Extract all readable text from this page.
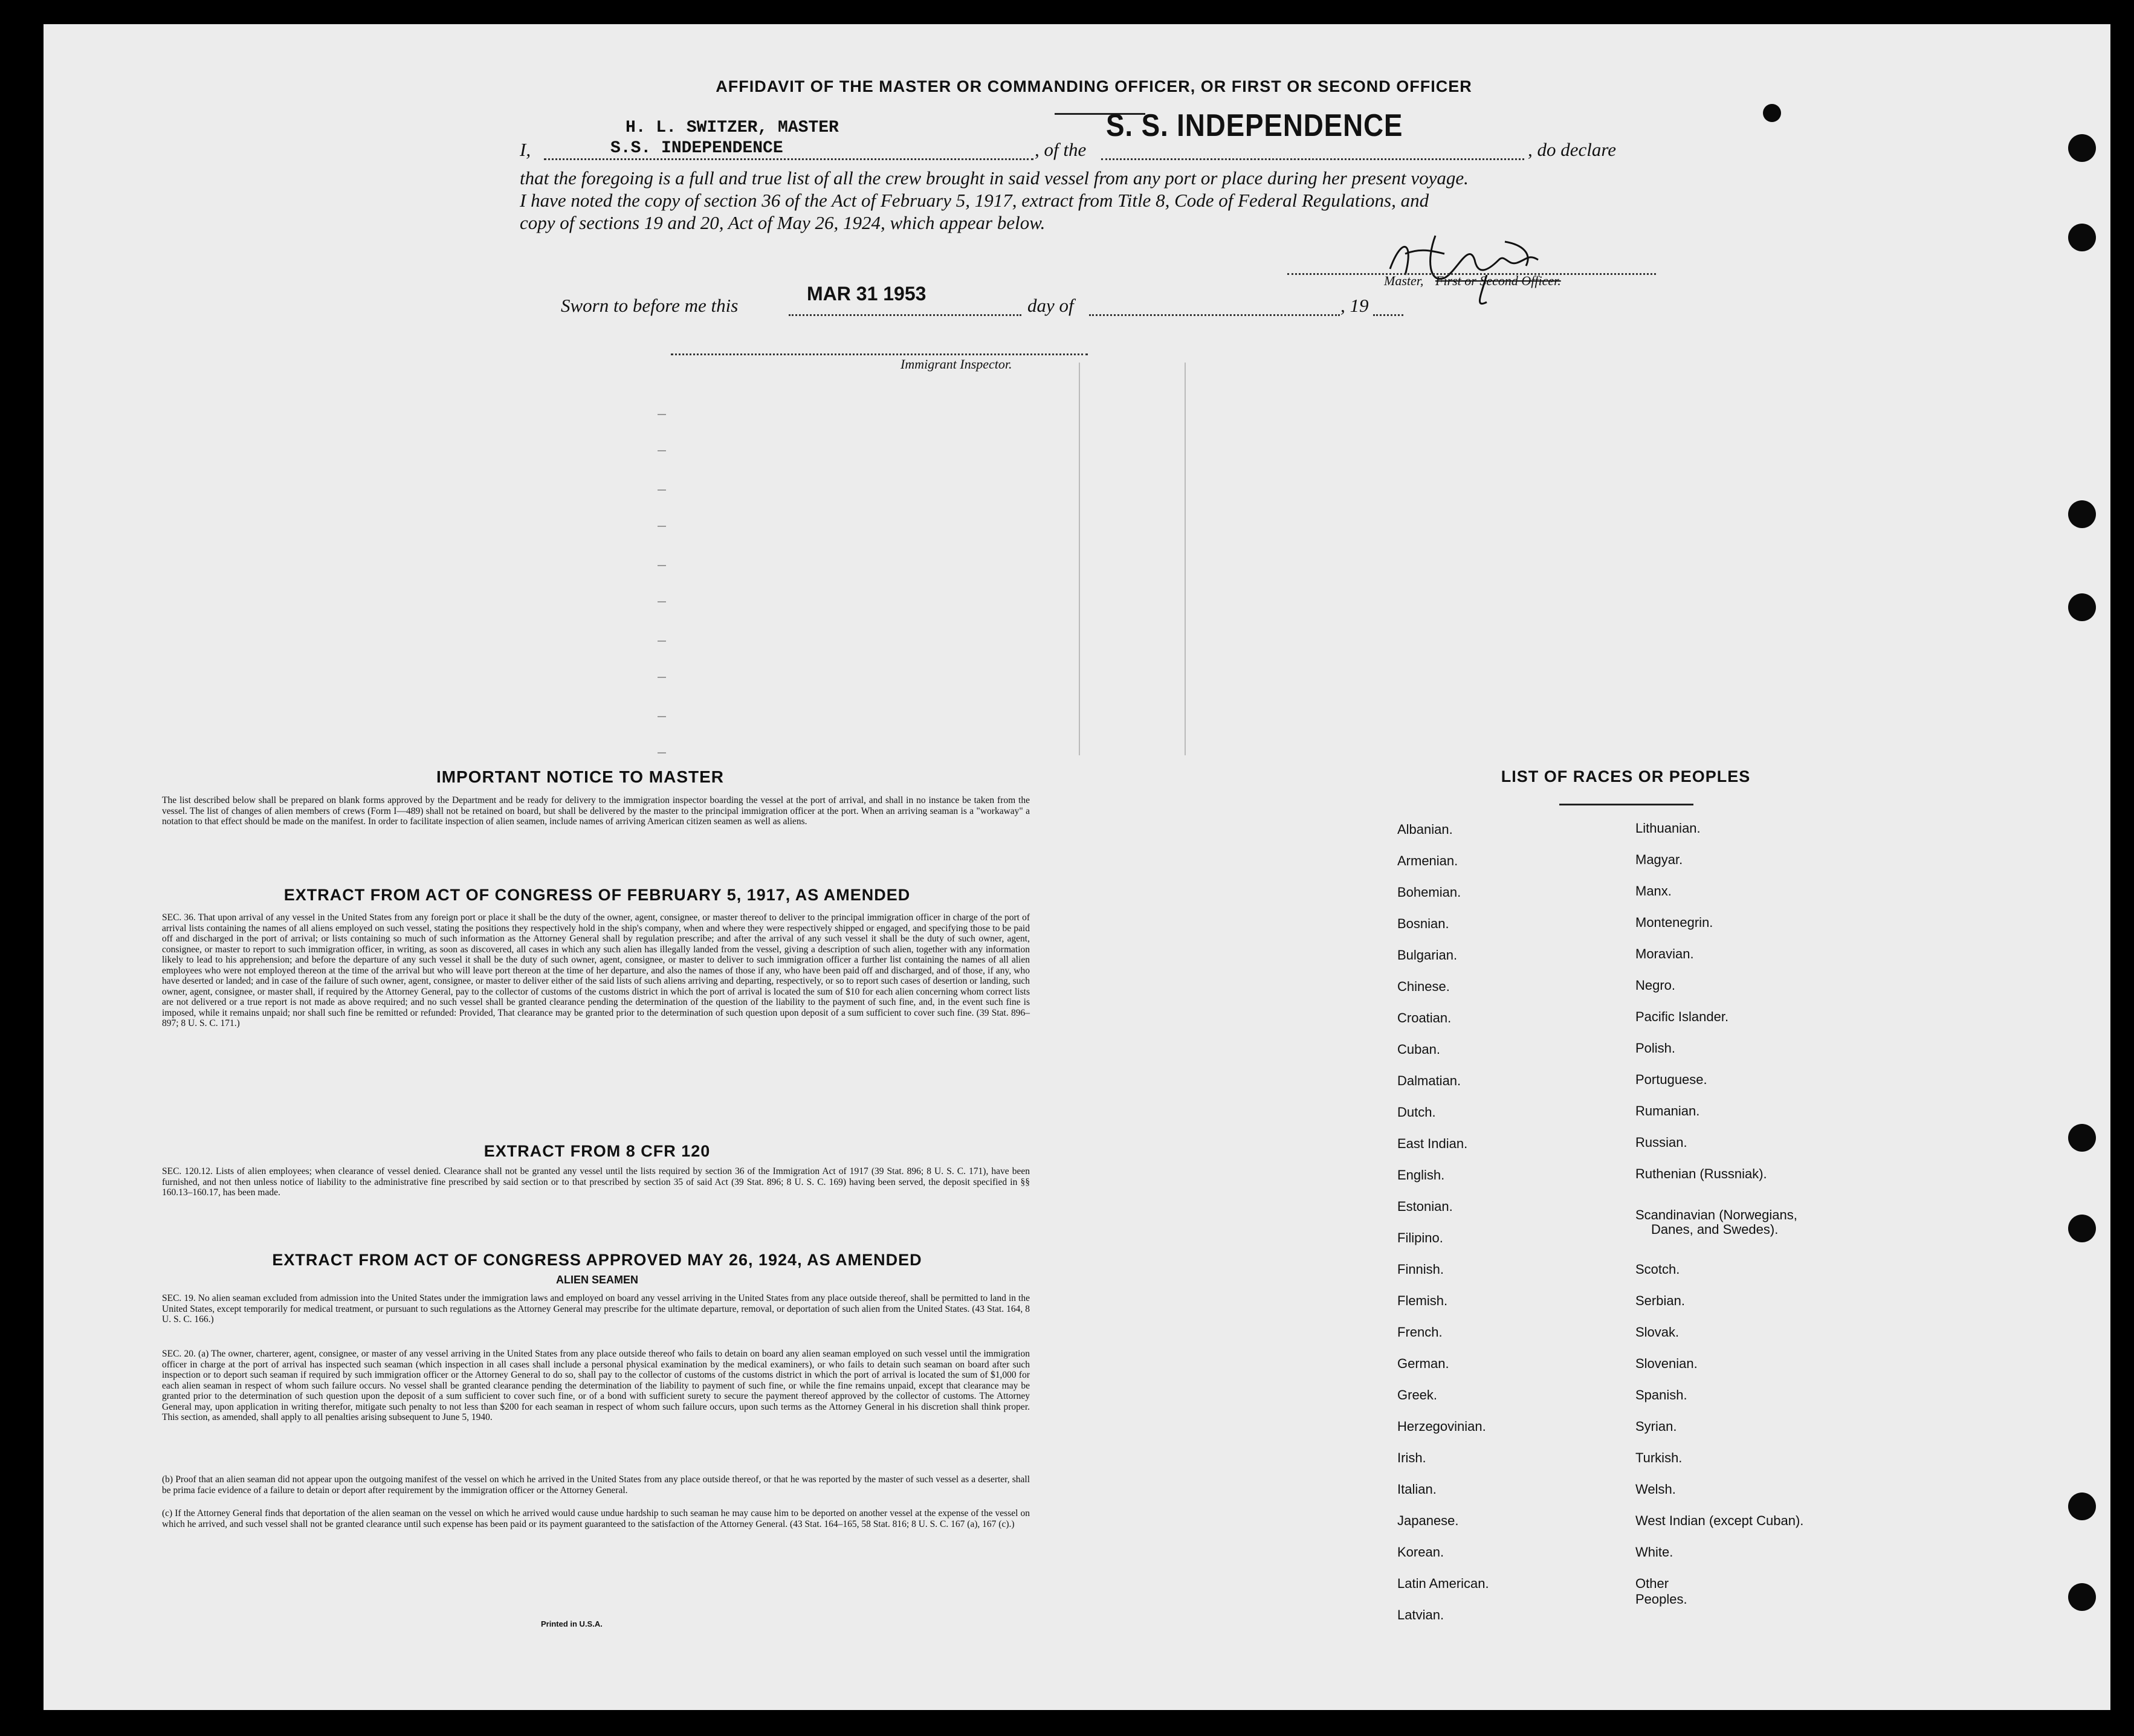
AFFIDAVIT OF THE MASTER OR COMMANDING OFFICER, OR FIRST OR SECOND OFFICER
I,
H. L. SWITZER, MASTER
S.S. INDEPENDENCE	, of the
S. S. INDEPENDENCE
, do declare
that the foregoing is a full and true list of all the crew brought in said vessel from any port or place during her present voyage.
I have noted the copy of section 36 of the Act of February 5, 1917, extract from Title 8, Code of Federal Regulations, and
copy of sections 19 and 20, Act of May 26, 1924, which appear below.
Master, First or Second Officer.
Sworn to before me this
MAR 31 1953
day of	, 19
Immigrant Inspector.
IMPORTANT NOTICE TO MASTER
The list described below shall be prepared on blank forms approved by the Department and be ready for delivery to the immigration inspector boarding the vessel at the port of arrival, and shall in no instance be taken from the vessel. The list of changes of alien members of crews (Form I—489) shall not be retained on board, but shall be delivered by the master to the principal immigration officer at the port. When an arriving seaman is a "workaway" a notation to that effect should be made on the manifest. In order to facilitate inspection of alien seamen, include names of arriving American citizen seamen as well as aliens.
EXTRACT FROM ACT OF CONGRESS OF FEBRUARY 5, 1917, AS AMENDED
SEC. 36. That upon arrival of any vessel in the United States from any foreign port or place it shall be the duty of the owner, agent, consignee, or master thereof to deliver to the principal immigration officer in charge of the port of arrival lists containing the names of all aliens employed on such vessel, stating the positions they respectively hold in the ship's company, when and where they were respectively shipped or engaged, and specifying those to be paid off and discharged in the port of arrival; or lists containing so much of such information as the Attorney General shall by regulation prescribe; and after the arrival of any such vessel it shall be the duty of such owner, agent, consignee, or master to report to such immigration officer, in writing, as soon as discovered, all cases in which any such alien has illegally landed from the vessel, giving a description of such alien, together with any information likely to lead to his apprehension; and before the departure of any such vessel it shall be the duty of such owner, agent, consignee, or master to deliver to such immigration officer a further list containing the names of all alien employees who were not employed thereon at the time of the arrival but who will leave port thereon at the time of her departure, and also the names of those if any, who have been paid off and discharged, and of those, if any, who have deserted or landed; and in case of the failure of such owner, agent, consignee, or master to deliver either of the said lists of such aliens arriving and departing, respectively, or so to report such cases of desertion or landing, such owner, agent, consignee, or master shall, if required by the Attorney General, pay to the collector of customs of the customs district in which the port of arrival is located the sum of $10 for each alien concerning whom correct lists are not delivered or a true report is not made as above required; and no such vessel shall be granted clearance pending the determination of the question of the liability to the payment of such fine, and, in the event such fine is imposed, while it remains unpaid; nor shall such fine be remitted or refunded: Provided, That clearance may be granted prior to the determination of such question upon deposit of a sum sufficient to cover such fine. (39 Stat. 896–897; 8 U. S. C. 171.)
EXTRACT FROM 8 CFR 120
SEC. 120.12. Lists of alien employees; when clearance of vessel denied. Clearance shall not be granted any vessel until the lists required by section 36 of the Immigration Act of 1917 (39 Stat. 896; 8 U. S. C. 171), have been furnished, and not then unless notice of liability to the administrative fine prescribed by said section or to that prescribed by section 35 of said Act (39 Stat. 896; 8 U. S. C. 169) having been served, the deposit specified in §§ 160.13–160.17, has been made.
EXTRACT FROM ACT OF CONGRESS APPROVED MAY 26, 1924, AS AMENDED
ALIEN SEAMEN
SEC. 19. No alien seaman excluded from admission into the United States under the immigration laws and employed on board any vessel arriving in the United States from any place outside thereof, shall be permitted to land in the United States, except temporarily for medical treatment, or pursuant to such regulations as the Attorney General may prescribe for the ultimate departure, removal, or deportation of such alien from the United States. (43 Stat. 164, 8 U. S. C. 166.)
SEC. 20. (a) The owner, charterer, agent, consignee, or master of any vessel arriving in the United States from any place outside thereof who fails to detain on board any alien seaman employed on such vessel until the immigration officer in charge at the port of arrival has inspected such seaman (which inspection in all cases shall include a personal physical examination by the medical examiners), or who fails to detain such seaman on board after such inspection or to deport such seaman if required by such immigration officer or the Attorney General to do so, shall pay to the collector of customs of the customs district in which the port of arrival is located the sum of $1,000 for each alien seaman in respect of whom such failure occurs. No vessel shall be granted clearance pending the determination of the liability to payment of such fine, or while the fine remains unpaid, except that clearance may be granted prior to the determination of such question upon the deposit of a sum sufficient to cover such fine, or of a bond with sufficient surety to secure the payment thereof approved by the collector of customs. The Attorney General may, upon application in writing therefor, mitigate such penalty to not less than $200 for each seaman in respect of whom such failure occurs, upon such terms as the Attorney General in his discretion shall think proper. This section, as amended, shall apply to all penalties arising subsequent to June 5, 1940.
(b) Proof that an alien seaman did not appear upon the outgoing manifest of the vessel on which he arrived in the United States from any place outside thereof, or that he was reported by the master of such vessel as a deserter, shall be prima facie evidence of a failure to detain or deport after requirement by the immigration officer or the Attorney General.
(c) If the Attorney General finds that deportation of the alien seaman on the vessel on which he arrived would cause undue hardship to such seaman he may cause him to be deported on another vessel at the expense of the vessel on which he arrived, and such vessel shall not be granted clearance until such expense has been paid or its payment guaranteed to the satisfaction of the Attorney General. (43 Stat. 164–165, 58 Stat. 816; 8 U. S. C. 167 (a), 167 (c).)
Printed in U.S.A.
LIST OF RACES OR PEOPLES
Albanian.
Armenian.
Bohemian.
Bosnian.
Bulgarian.
Chinese.
Croatian.
Cuban.
Dalmatian.
Dutch.
East Indian.
English.
Estonian.
Filipino.
Finnish.
Flemish.
French.
German.
Greek.
Herzegovinian.
Irish.
Italian.
Japanese.
Korean.
Latin American.
Latvian.
Lithuanian.
Magyar.
Manx.
Montenegrin.
Moravian.
Negro.
Pacific Islander.
Polish.
Portuguese.
Rumanian.
Russian.
Ruthenian (Russniak).
Scandinavian (Norwegians,
Danes, and Swedes).
Scotch.
Serbian.
Slovak.
Slovenian.
Spanish.
Syrian.
Turkish.
Welsh.
West Indian (except Cuban).
White.
Other Peoples.
